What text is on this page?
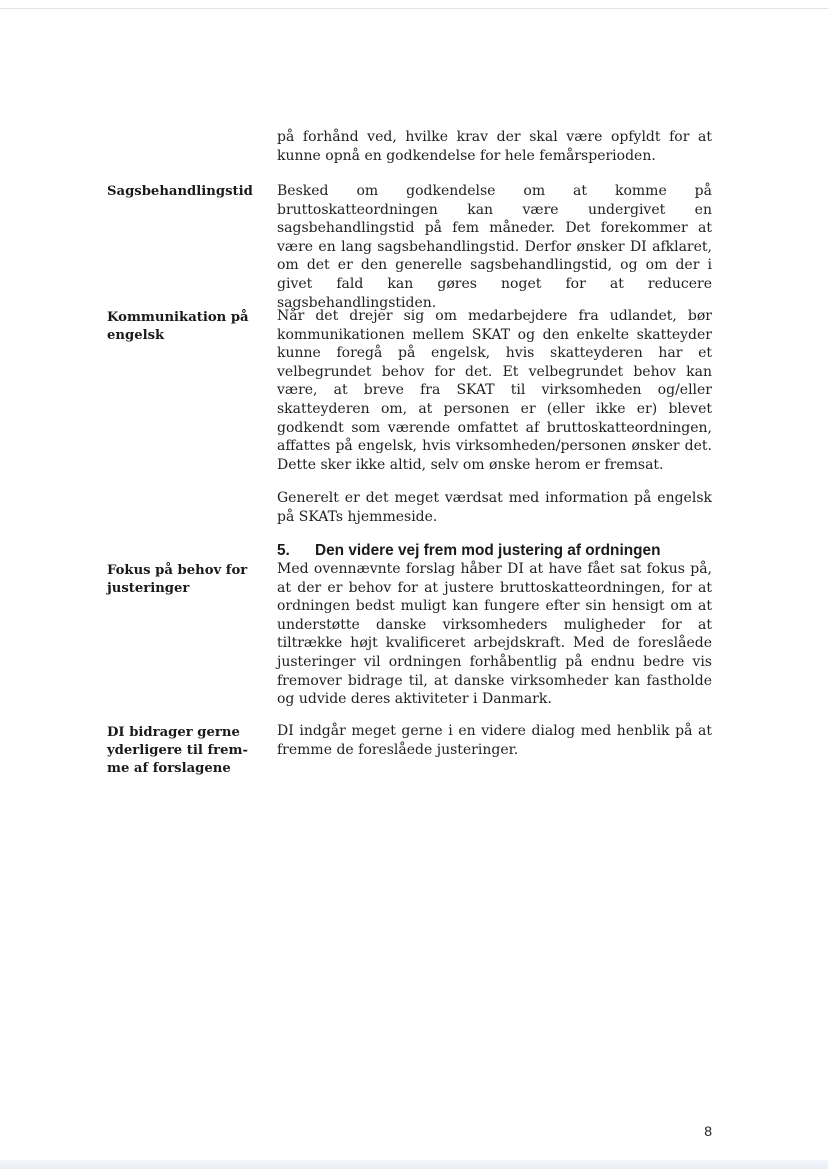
på forhånd ved, hvilke krav der skal være opfyldt for at kunne opnå en godkendelse for hele femårsperioden.

Sagsbehandlingstid	Besked om godkendelse om at komme på bruttoskatteordningen kan være undergivet en sagsbehandlingstid på fem måneder. Det forekommer at være en lang sagsbehandlingstid. Derfor ønsker DI afklaret, om det er den generelle sagsbehandlingstid, og om der i givet fald kan gøres noget for at reducere sagsbehandlingstiden.

Kommunikation på engelsk

Når det drejer sig om medarbejdere fra udlandet, bør kommunikationen mellem SKAT og den enkelte skatteyder kunne foregå på engelsk, hvis skatteyderen har et velbegrundet behov for det. Et velbegrundet behov kan være, at breve fra SKAT til virksomheden og/eller skatteyderen om, at personen er (eller ikke er) blevet godkendt som værende omfattet af bruttoskatteordningen, affattes på engelsk, hvis virksomheden/personen ønsker det. Dette sker ikke altid, selv om ønske herom er fremsat.

Generelt er det meget værdsat med information på engelsk på SKATs hjemmeside.

5. Den videre vej frem mod justering af ordningen
Fokus på behov for justeringer

Med ovennævnte forslag håber DI at have fået sat fokus på, at der er behov for at justere bruttoskatteordningen, for at ordningen bedst muligt kan fungere efter sin hensigt om at understøtte danske virksomheders muligheder for at tiltrække højt kvalificeret arbejdskraft. Med de foreslåede justeringer vil ordningen forhåbentlig på endnu bedre vis fremover bidrage til, at danske virksomheder kan fastholde og udvide deres aktiviteter i Danmark.

DI bidrager gerne yderligere til fremme af forslagene

DI indgår meget gerne i en videre dialog med henblik på at fremme de foreslåede justeringer.

8
